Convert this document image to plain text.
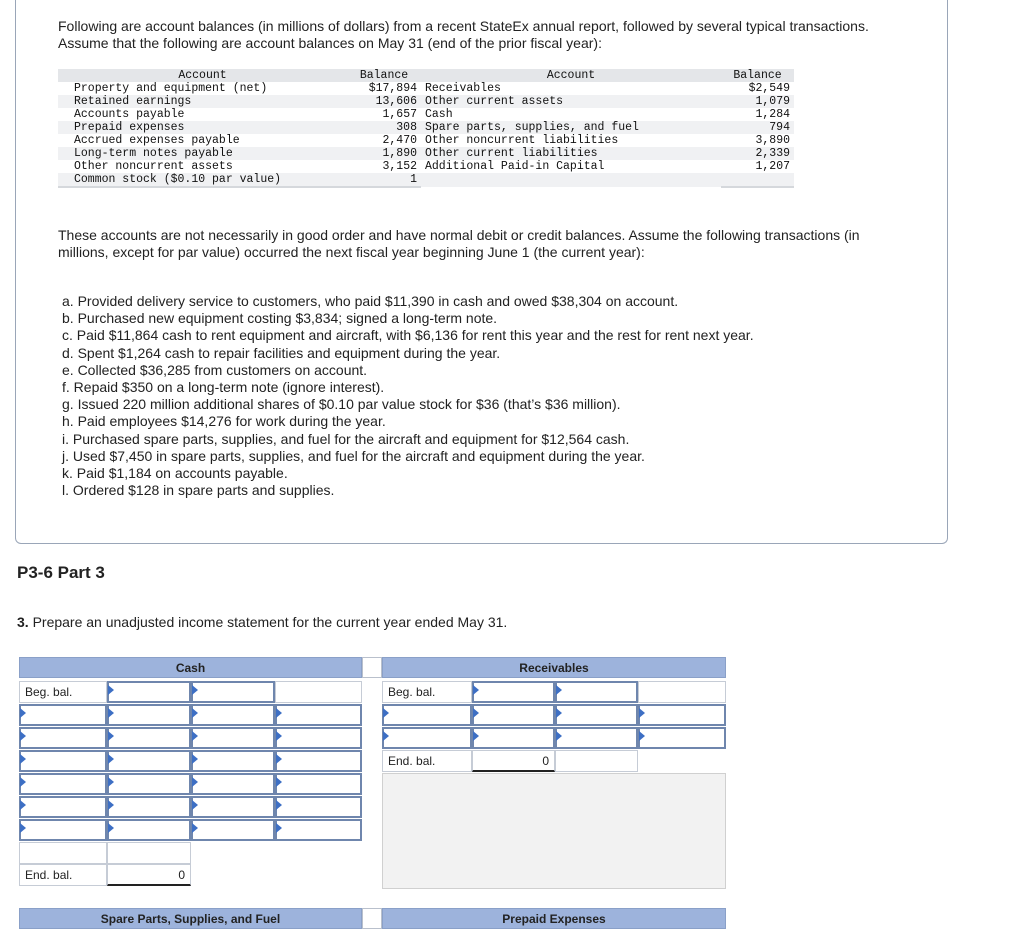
Following are account balances (in millions of dollars) from a recent StateEx annual report, followed by several typical transactions. Assume that the following are account balances on May 31 (end of the prior fiscal year):

Account	Balance	Account	Balance
Property and equipment (net)	$17,894	Receivables	$2,549
Retained earnings	13,606	Other current assets	1,079
Accounts payable	1,657	Cash	1,284
Prepaid expenses	308	Spare parts, supplies, and fuel	794
Accrued expenses payable	2,470	Other noncurrent liabilities	3,890
Long-term notes payable	1,890	Other current liabilities	2,339
Other noncurrent assets	3,152	Additional Paid-in Capital	1,207
Common stock ($0.10 par value)	1		

These accounts are not necessarily in good order and have normal debit or credit balances. Assume the following transactions (in millions, except for par value) occurred the next fiscal year beginning June 1 (the current year):

a. Provided delivery service to customers, who paid $11,390 in cash and owed $38,304 on account.
b. Purchased new equipment costing $3,834; signed a long-term note.
c. Paid $11,864 cash to rent equipment and aircraft, with $6,136 for rent this year and the rest for rent next year.
d. Spent $1,264 cash to repair facilities and equipment during the year.
e. Collected $36,285 from customers on account.
f. Repaid $350 on a long-term note (ignore interest).
g. Issued 220 million additional shares of $0.10 par value stock for $36 (that’s $36 million).
h. Paid employees $14,276 for work during the year.
i. Purchased spare parts, supplies, and fuel for the aircraft and equipment for $12,564 cash.
j. Used $7,450 in spare parts, supplies, and fuel for the aircraft and equipment during the year.
k. Paid $1,184 on accounts payable.
l. Ordered $128 in spare parts and supplies.
P3-6 Part 3
3. Prepare an unadjusted income statement for the current year ended May 31.
Cash
Beg. bal.
End. bal.	0
Receivables
Beg. bal.
End. bal.	0
Spare Parts, Supplies, and Fuel	Prepaid Expenses
